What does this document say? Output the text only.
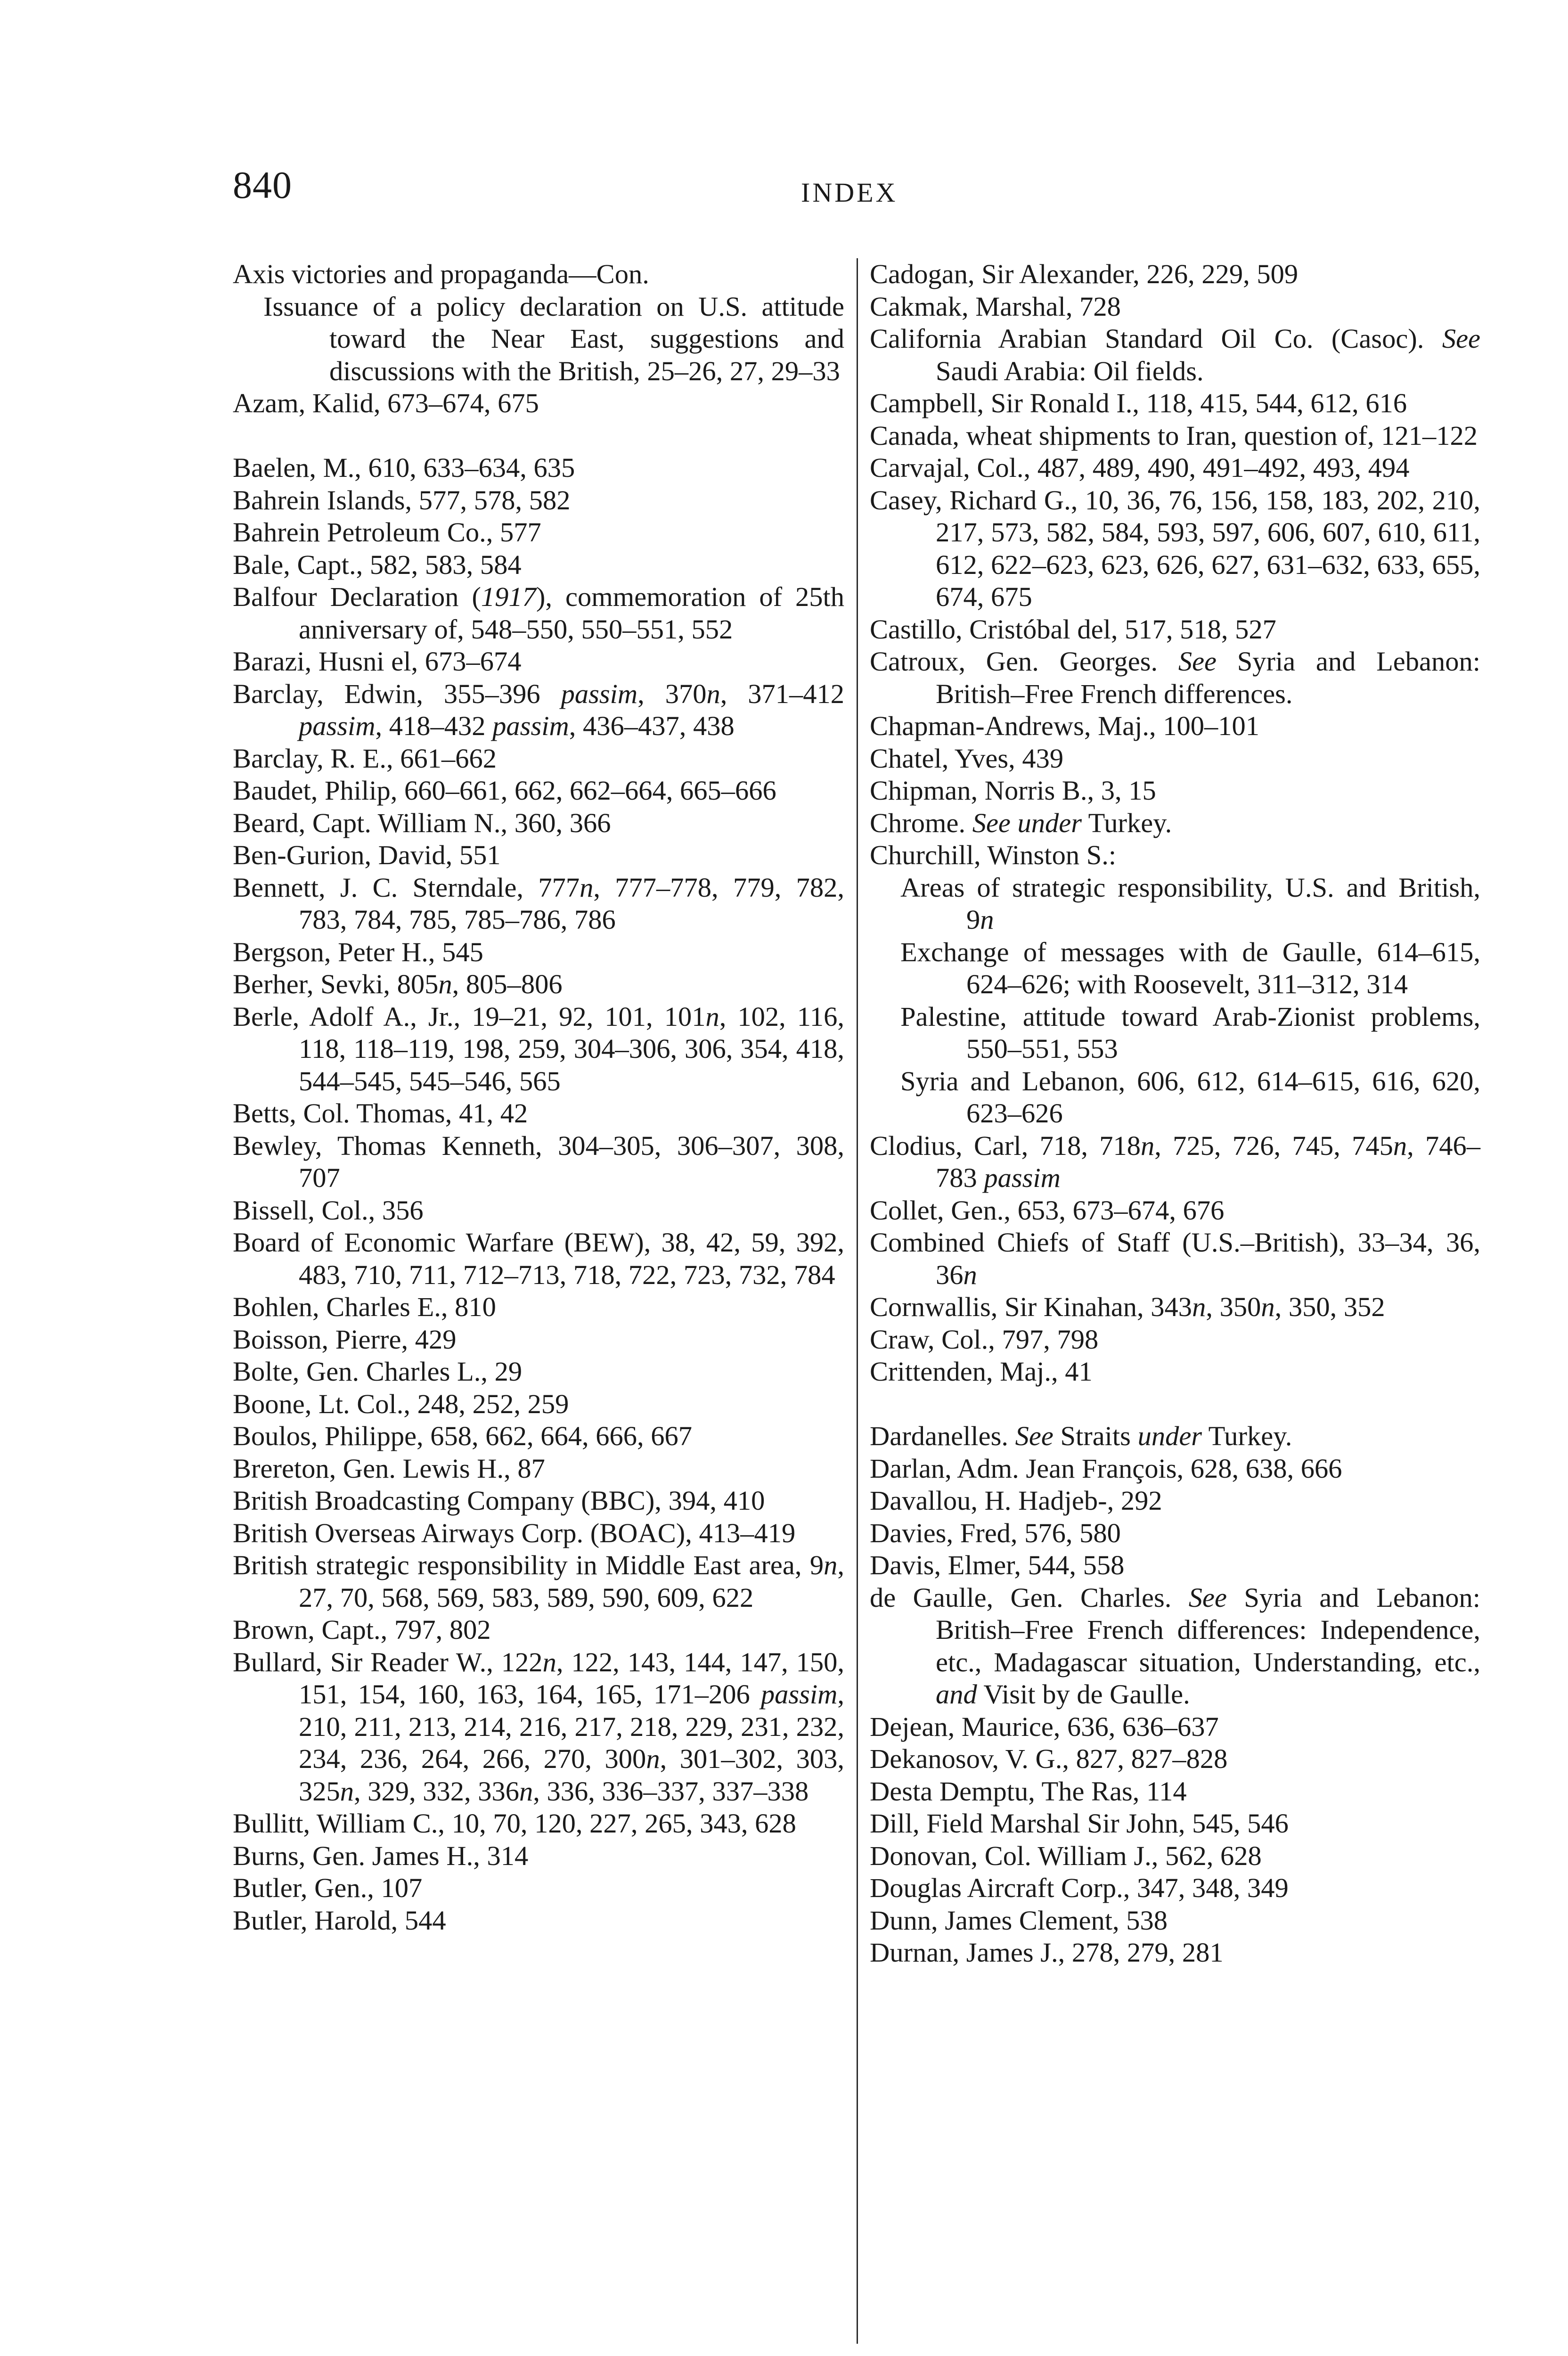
840	INDEX
Axis victories and propaganda—Con.
Issuance of a policy declaration on U.S. attitude toward the Near East, suggestions and discussions with the British, 25–26, 27, 29–33
Azam, Kalid, 673–674, 675
Baelen, M., 610, 633–634, 635
Bahrein Islands, 577, 578, 582
Bahrein Petroleum Co., 577
Bale, Capt., 582, 583, 584
Balfour Declaration (1917), commemoration of 25th anniversary of, 548–550, 550–551, 552
Barazi, Husni el, 673–674
Barclay, Edwin, 355–396 passim, 370n, 371–412 passim, 418–432 passim, 436–437, 438
Barclay, R. E., 661–662
Baudet, Philip, 660–661, 662, 662–664, 665–666
Beard, Capt. William N., 360, 366
Ben-Gurion, David, 551
Bennett, J. C. Sterndale, 777n, 777–778, 779, 782, 783, 784, 785, 785–786, 786
Bergson, Peter H., 545
Berher, Sevki, 805n, 805–806
Berle, Adolf A., Jr., 19–21, 92, 101, 101n, 102, 116, 118, 118–119, 198, 259, 304–306, 306, 354, 418, 544–545, 545–546, 565
Betts, Col. Thomas, 41, 42
Bewley, Thomas Kenneth, 304–305, 306–307, 308, 707
Bissell, Col., 356
Board of Economic Warfare (BEW), 38, 42, 59, 392, 483, 710, 711, 712–713, 718, 722, 723, 732, 784
Bohlen, Charles E., 810
Boisson, Pierre, 429
Bolte, Gen. Charles L., 29
Boone, Lt. Col., 248, 252, 259
Boulos, Philippe, 658, 662, 664, 666, 667
Brereton, Gen. Lewis H., 87
British Broadcasting Company (BBC), 394, 410
British Overseas Airways Corp. (BOAC), 413–419
British strategic responsibility in Middle East area, 9n, 27, 70, 568, 569, 583, 589, 590, 609, 622
Brown, Capt., 797, 802
Bullard, Sir Reader W., 122n, 122, 143, 144, 147, 150, 151, 154, 160, 163, 164, 165, 171–206 passim, 210, 211, 213, 214, 216, 217, 218, 229, 231, 232, 234, 236, 264, 266, 270, 300n, 301–302, 303, 325n, 329, 332, 336n, 336, 336–337, 337–338
Bullitt, William C., 10, 70, 120, 227, 265, 343, 628
Burns, Gen. James H., 314
Butler, Gen., 107
Butler, Harold, 544
Cadogan, Sir Alexander, 226, 229, 509
Cakmak, Marshal, 728
California Arabian Standard Oil Co. (Casoc). See Saudi Arabia: Oil fields.
Campbell, Sir Ronald I., 118, 415, 544, 612, 616
Canada, wheat shipments to Iran, question of, 121–122
Carvajal, Col., 487, 489, 490, 491–492, 493, 494
Casey, Richard G., 10, 36, 76, 156, 158, 183, 202, 210, 217, 573, 582, 584, 593, 597, 606, 607, 610, 611, 612, 622–623, 623, 626, 627, 631–632, 633, 655, 674, 675
Castillo, Cristóbal del, 517, 518, 527
Catroux, Gen. Georges. See Syria and Lebanon: British–Free French differences.
Chapman-Andrews, Maj., 100–101
Chatel, Yves, 439
Chipman, Norris B., 3, 15
Chrome. See under Turkey.
Churchill, Winston S.:
Areas of strategic responsibility, U.S. and British, 9n
Exchange of messages with de Gaulle, 614–615, 624–626; with Roosevelt, 311–312, 314
Palestine, attitude toward Arab-Zionist problems, 550–551, 553
Syria and Lebanon, 606, 612, 614–615, 616, 620, 623–626
Clodius, Carl, 718, 718n, 725, 726, 745, 745n, 746–783 passim
Collet, Gen., 653, 673–674, 676
Combined Chiefs of Staff (U.S.–British), 33–34, 36, 36n
Cornwallis, Sir Kinahan, 343n, 350n, 350, 352
Craw, Col., 797, 798
Crittenden, Maj., 41
Dardanelles. See Straits under Turkey.
Darlan, Adm. Jean François, 628, 638, 666
Davallou, H. Hadjeb-, 292
Davies, Fred, 576, 580
Davis, Elmer, 544, 558
de Gaulle, Gen. Charles. See Syria and Lebanon: British–Free French differences: Independence, etc., Madagascar situation, Understanding, etc., and Visit by de Gaulle.
Dejean, Maurice, 636, 636–637
Dekanosov, V. G., 827, 827–828
Desta Demptu, The Ras, 114
Dill, Field Marshal Sir John, 545, 546
Donovan, Col. William J., 562, 628
Douglas Aircraft Corp., 347, 348, 349
Dunn, James Clement, 538
Durnan, James J., 278, 279, 281
